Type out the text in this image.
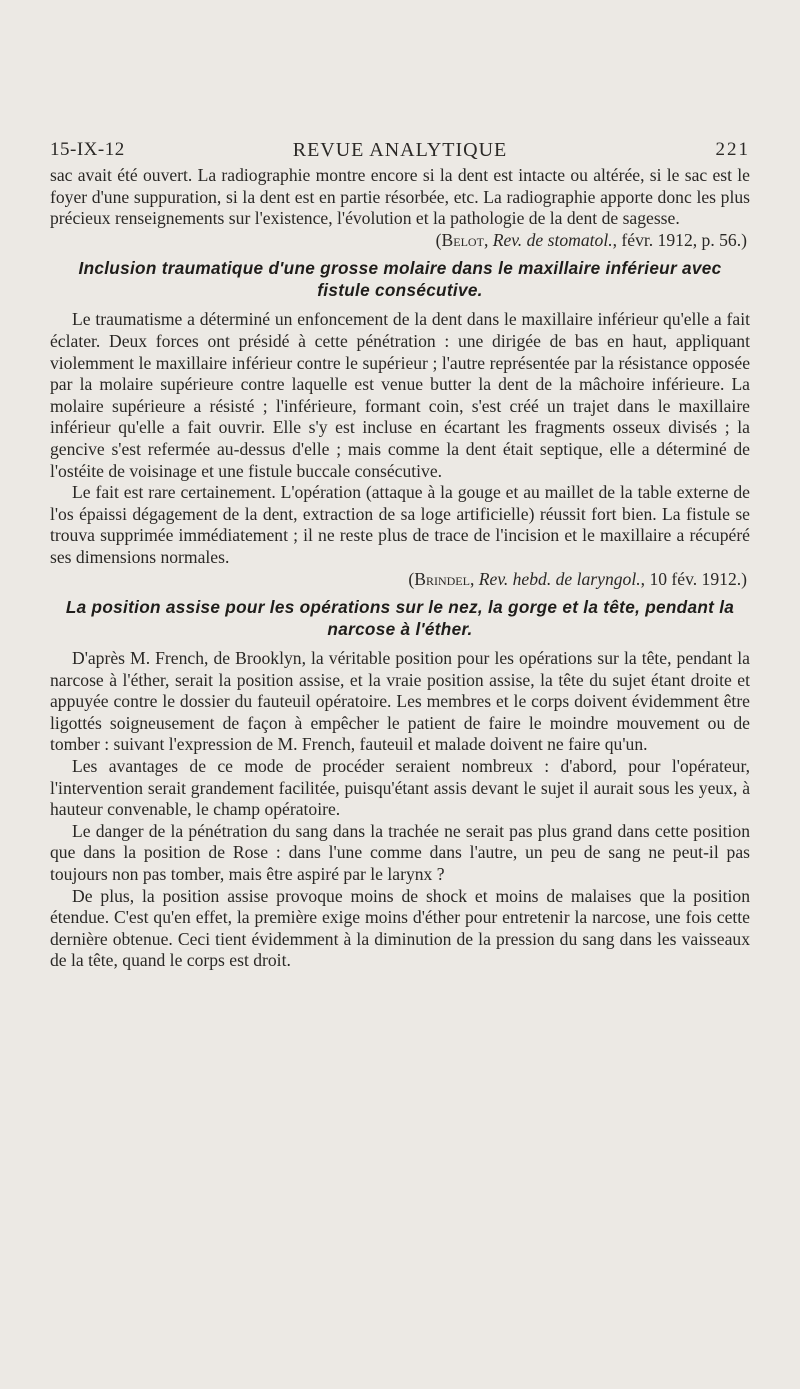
15-IX-12	REVUE ANALYTIQUE	221

sac avait été ouvert. La radiographie montre encore si la dent est intacte ou altérée, si le sac est le foyer d'une suppuration, si la dent est en partie résorbée, etc. La radiographie apporte donc les plus précieux renseignements sur l'existence, l'évolution et la pathologie de la dent de sagesse.

(Belot, Rev. de stomatol., févr. 1912, p. 56.)
Inclusion traumatique d'une grosse molaire dans le maxillaire inférieur avec fistule consécutive.

Le traumatisme a déterminé un enfoncement de la dent dans le maxillaire inférieur qu'elle a fait éclater. Deux forces ont présidé à cette pénétration : une dirigée de bas en haut, appliquant violemment le maxillaire inférieur contre le supérieur ; l'autre représentée par la résistance opposée par la molaire supérieure contre laquelle est venue butter la dent de la mâchoire inférieure. La molaire supérieure a résisté ; l'inférieure, formant coin, s'est créé un trajet dans le maxillaire inférieur qu'elle a fait ouvrir. Elle s'y est incluse en écartant les fragments osseux divisés ; la gencive s'est refermée au-dessus d'elle ; mais comme la dent était septique, elle a déterminé de l'ostéite de voisinage et une fistule buccale consécutive.

Le fait est rare certainement. L'opération (attaque à la gouge et au maillet de la table externe de l'os épaissi dégagement de la dent, extraction de sa loge artificielle) réussit fort bien. La fistule se trouva supprimée immédiatement ; il ne reste plus de trace de l'incision et le maxillaire a récupéré ses dimensions normales.

(Brindel, Rev. hebd. de laryngol., 10 fév. 1912.)
La position assise pour les opérations sur le nez, la gorge et la tête, pendant la narcose à l'éther.

D'après M. French, de Brooklyn, la véritable position pour les opérations sur la tête, pendant la narcose à l'éther, serait la position assise, et la vraie position assise, la tête du sujet étant droite et appuyée contre le dossier du fauteuil opératoire. Les membres et le corps doivent évidemment être ligottés soigneusement de façon à empêcher le patient de faire le moindre mouvement ou de tomber : suivant l'expression de M. French, fauteuil et malade doivent ne faire qu'un.

Les avantages de ce mode de procéder seraient nombreux : d'abord, pour l'opérateur, l'intervention serait grandement facilitée, puisqu'étant assis devant le sujet il aurait sous les yeux, à hauteur convenable, le champ opératoire.

Le danger de la pénétration du sang dans la trachée ne serait pas plus grand dans cette position que dans la position de Rose : dans l'une comme dans l'autre, un peu de sang ne peut-il pas toujours non pas tomber, mais être aspiré par le larynx ?

De plus, la position assise provoque moins de shock et moins de malaises que la position étendue. C'est qu'en effet, la première exige moins d'éther pour entretenir la narcose, une fois cette dernière obtenue. Ceci tient évidemment à la diminution de la pression du sang dans les vaisseaux de la tête, quand le corps est droit.
